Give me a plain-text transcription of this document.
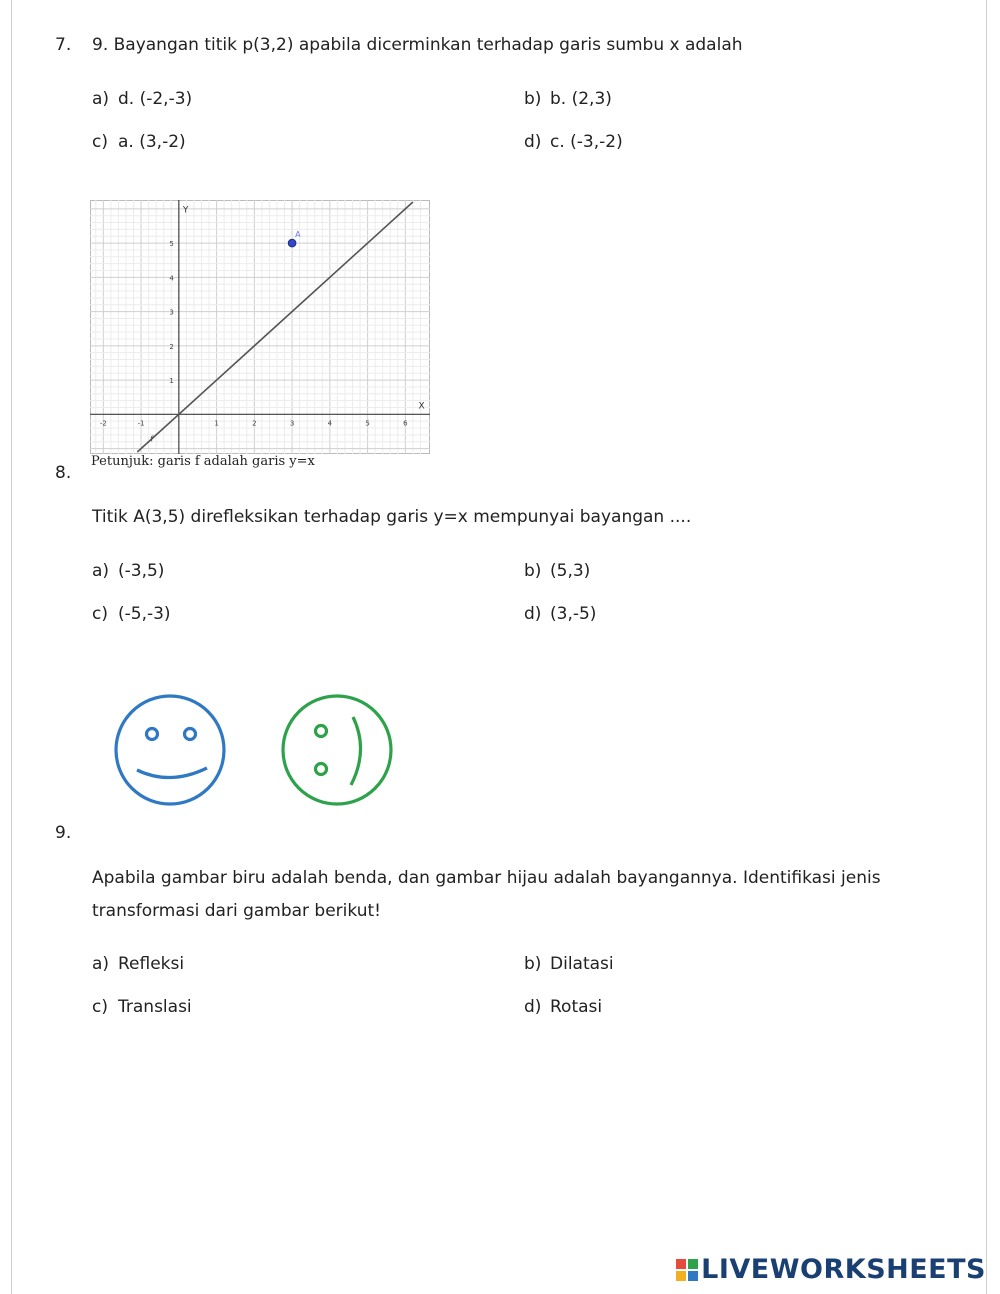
7. 9. Bayangan titik p(3,2) apabila dicerminkan terhadap garis sumbu x adalah
a) d. (-2,-3)	b) b. (2,3)
c) a. (3,-2)	d) c. (-3,-2)
X
Y
-2	-1	1	2	3	4	5	6
1
2
3
4
5
f
A
Petunjuk: garis f adalah garis y=x
8.
Titik A(3,5) direfleksikan terhadap garis y=x mempunyai bayangan ....
a) (-3,5)	b) (5,3)
c) (-5,-3)	d) (3,-5)
9.
Apabila gambar biru adalah benda, dan gambar hijau adalah bayangannya. Identifikasi jenis
transformasi dari gambar berikut!
a) Refleksi	b) Dilatasi
c) Translasi	d) Rotasi
LIVEWORKSHEETS
